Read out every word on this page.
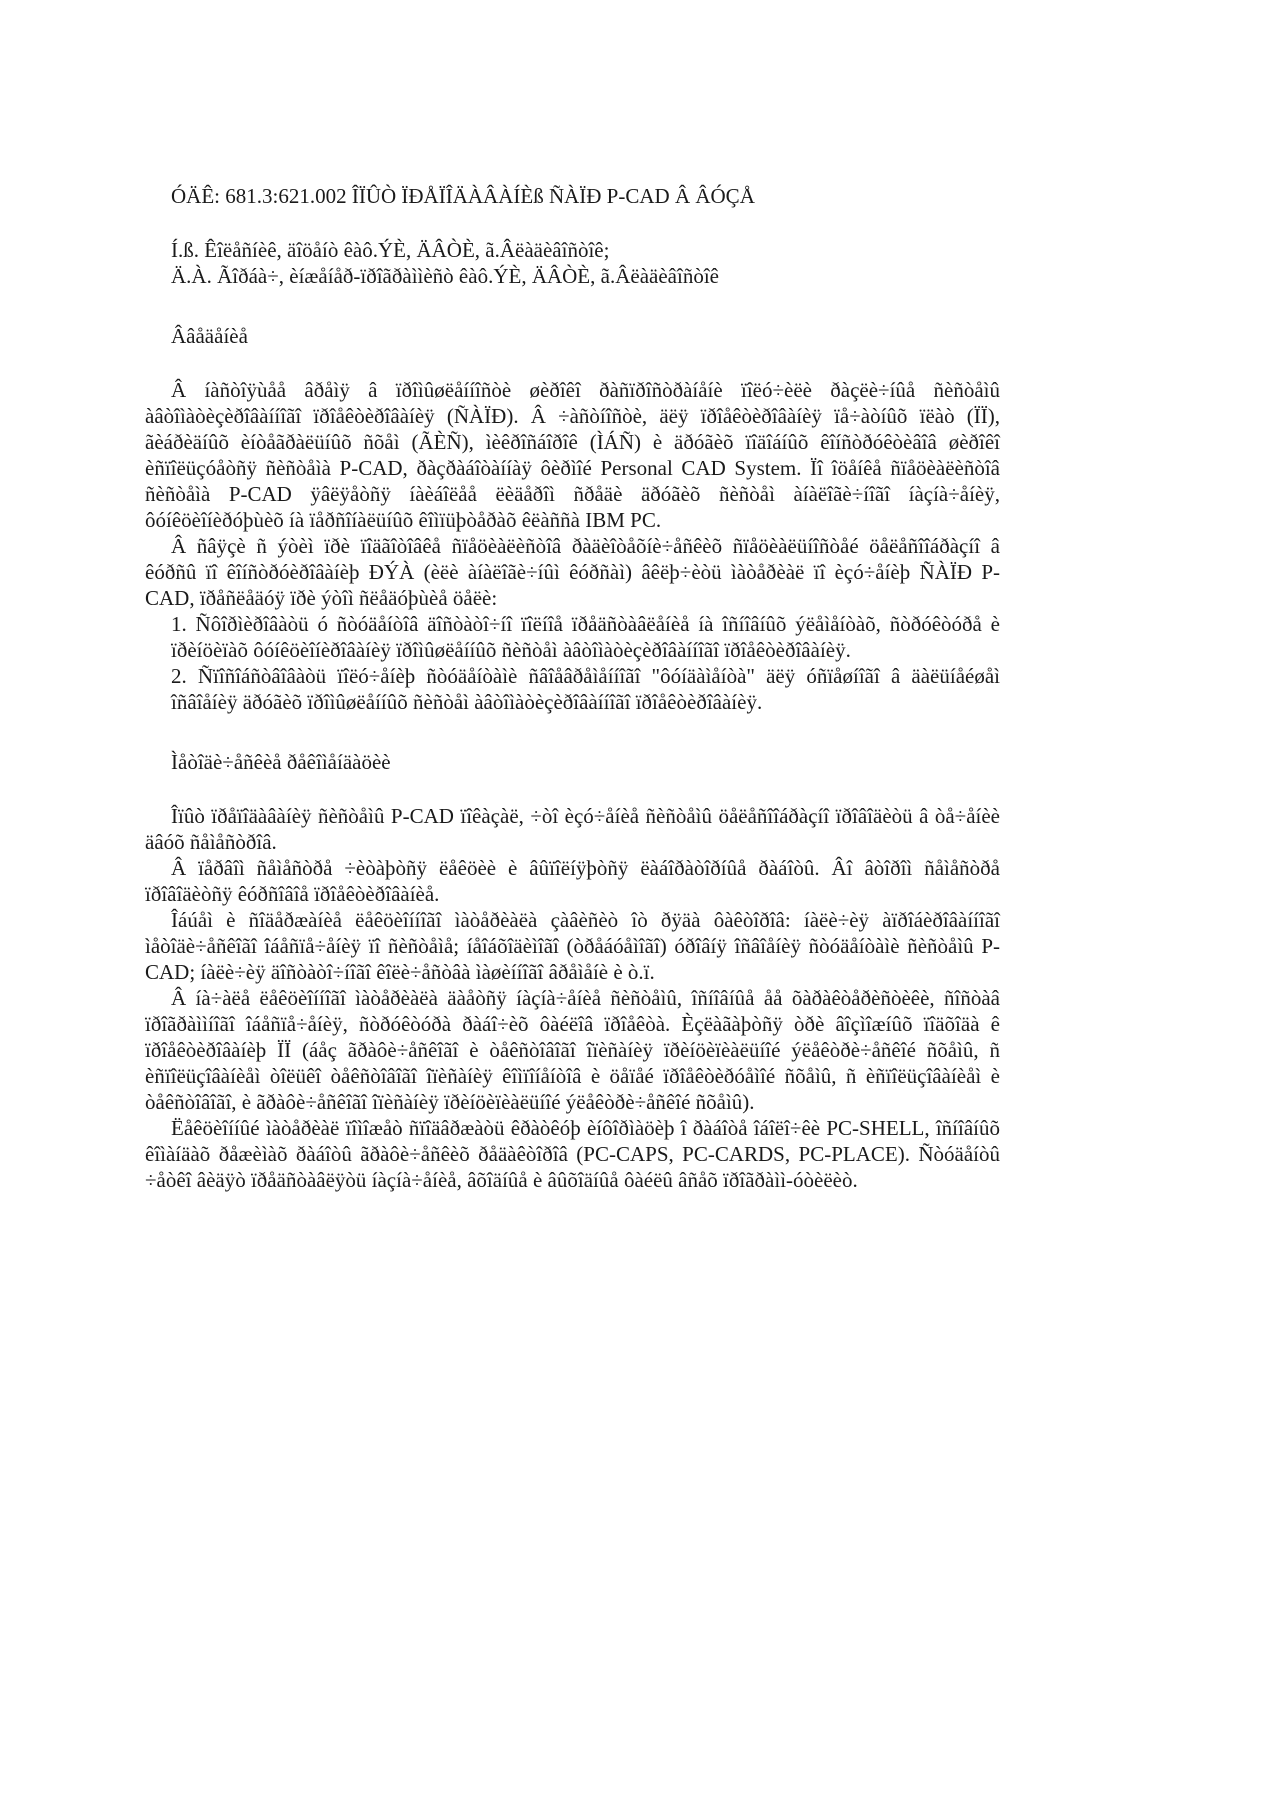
ÓÄÊ: 681.3:621.002 ÎÏÛÒ ÏÐÅÏÎÄÀÂÀÍÈß ÑÀÏÐ P-CAD Â ÂÓÇÅ
Í.ß. Êîëåñíèê, äîöåíò êàô.ÝÈ, ÄÂÒÈ, ã.Âëàäèâîñòîê;
Ä.À. Ãîðáà÷, èíæåíåð-ïðîãðàììèñò êàô.ÝÈ, ÄÂÒÈ, ã.Âëàäèâîñòîê
Ââåäåíèå

Â íàñòîÿùåå âðåìÿ â ïðîìûøëåííîñòè øèðîêî ðàñïðîñòðàíåíè ïîëó÷èëè ðàçëè÷íûå ñèñòåìû àâòîìàòèçèðîâàííîãî ïðîåêòèðîâàíèÿ (ÑÀÏÐ). Â ÷àñòíîñòè, äëÿ ïðîåêòèðîâàíèÿ ïå÷àòíûõ ïëàò (ÏÏ), ãèáðèäíûõ èíòåãðàëüíûõ ñõåì (ÃÈÑ), ìèêðîñáîðîê (ÌÁÑ) è äðóãèõ ïîäîáíûõ êîíñòðóêòèâîâ øèðîêî èñïîëüçóåòñÿ ñèñòåìà P-CAD, ðàçðàáîòàííàÿ ôèðìîé Personal CAD System. Ïî îöåíêå ñïåöèàëèñòîâ ñèñòåìà P-CAD ÿâëÿåòñÿ íàèáîëåå ëèäåðîì ñðåäè äðóãèõ ñèñòåì àíàëîãè÷íîãî íàçíà÷åíèÿ, ôóíêöèîíèðóþùèõ íà ïåðñîíàëüíûõ êîìïüþòåðàõ êëàññà IBM PC.

Â ñâÿçè ñ ýòèì ïðè ïîäãîòîâêå ñïåöèàëèñòîâ ðàäèîòåõíè÷åñêèõ ñïåöèàëüíîñòåé öåëåñîîáðàçíî â êóðñû ïî êîíñòðóèðîâàíèþ ÐÝÀ (èëè àíàëîãè÷íûì êóðñàì) âêëþ÷èòü ìàòåðèàë ïî èçó÷åíèþ ÑÀÏÐ P-CAD, ïðåñëåäóÿ ïðè ýòîì ñëåäóþùèå öåëè:

1. Ñôîðìèðîâàòü ó ñòóäåíòîâ äîñòàòî÷íî ïîëíîå ïðåäñòàâëåíèå íà îñíîâíûõ ýëåìåíòàõ, ñòðóêòóðå è ïðèíöèïàõ ôóíêöèîíèðîâàíèÿ ïðîìûøëåííûõ ñèñòåì àâòîìàòèçèðîâàííîãî ïðîåêòèðîâàíèÿ.

2. Ñïîñîáñòâîâàòü ïîëó÷åíèþ ñòóäåíòàìè ñâîåâðåìåííîãî "ôóíäàìåíòà" äëÿ óñïåøíîãî â äàëüíåéøåì îñâîåíèÿ äðóãèõ ïðîìûøëåííûõ ñèñòåì àâòîìàòèçèðîâàííîãî ïðîåêòèðîâàíèÿ.

Ìåòîäè÷åñêèå ðåêîìåíäàöèè

Îïûò ïðåïîäàâàíèÿ ñèñòåìû P-CAD ïîêàçàë, ÷òî èçó÷åíèå ñèñòåìû öåëåñîîáðàçíî ïðîâîäèòü â òå÷åíèè äâóõ ñåìåñòðîâ.

Â ïåðâîì ñåìåñòðå ÷èòàþòñÿ ëåêöèè è âûïîëíÿþòñÿ ëàáîðàòîðíûå ðàáîòû. Âî âòîðîì ñåìåñòðå ïðîâîäèòñÿ êóðñîâîå ïðîåêòèðîâàíèå.

Îáúåì è ñîäåðæàíèå ëåêöèîííîãî ìàòåðèàëà çàâèñèò îò ðÿäà ôàêòîðîâ: íàëè÷èÿ àïðîáèðîâàííîãî ìåòîäè÷åñêîãî îáåñïå÷åíèÿ ïî ñèñòåìå; íåîáõîäèìîãî (òðåáóåìîãî) óðîâíÿ îñâîåíèÿ ñòóäåíòàìè ñèñòåìû P-CAD; íàëè÷èÿ äîñòàòî÷íîãî êîëè÷åñòâà ìàøèííîãî âðåìåíè è ò.ï.

Â íà÷àëå ëåêöèîííîãî ìàòåðèàëà äàåòñÿ íàçíà÷åíèå ñèñòåìû, îñíîâíûå åå õàðàêòåðèñòèêè, ñîñòàâ ïðîãðàììíîãî îáåñïå÷åíèÿ, ñòðóêòóðà ðàáî÷èõ ôàéëîâ ïðîåêòà. Èçëàãàþòñÿ òðè âîçìîæíûõ ïîäõîäà ê ïðîåêòèðîâàíèþ ÏÏ (áåç ãðàôè÷åñêîãî è òåêñòîâîãî îïèñàíèÿ ïðèíöèïèàëüíîé ýëåêòðè÷åñêîé ñõåìû, ñ èñïîëüçîâàíèåì òîëüêî òåêñòîâîãî îïèñàíèÿ êîìïîíåíòîâ è öåïåé ïðîåêòèðóåìîé ñõåìû, ñ èñïîëüçîâàíèåì è òåêñòîâîãî, è ãðàôè÷åñêîãî îïèñàíèÿ ïðèíöèïèàëüíîé ýëåêòðè÷åñêîé ñõåìû).

Ëåêöèîííûé ìàòåðèàë ïîìîæåò ñïîäâðæàòü êðàòêóþ èíôîðìàöèþ î ðàáîòå îáîëî÷êè PC-SHELL, îñíîâíûõ êîìàíäàõ ðåæèìàõ ðàáîòû ãðàôè÷åñêèõ ðåäàêòîðîâ (PC-CAPS, PC-CARDS, PC-PLACE). Ñòóäåíòû ÷åòêî âèäÿò ïðåäñòàâëÿòü íàçíà÷åíèå, âõîäíûå è âûõîäíûå ôàéëû âñåõ ïðîãðàìì-óòèëèò.
